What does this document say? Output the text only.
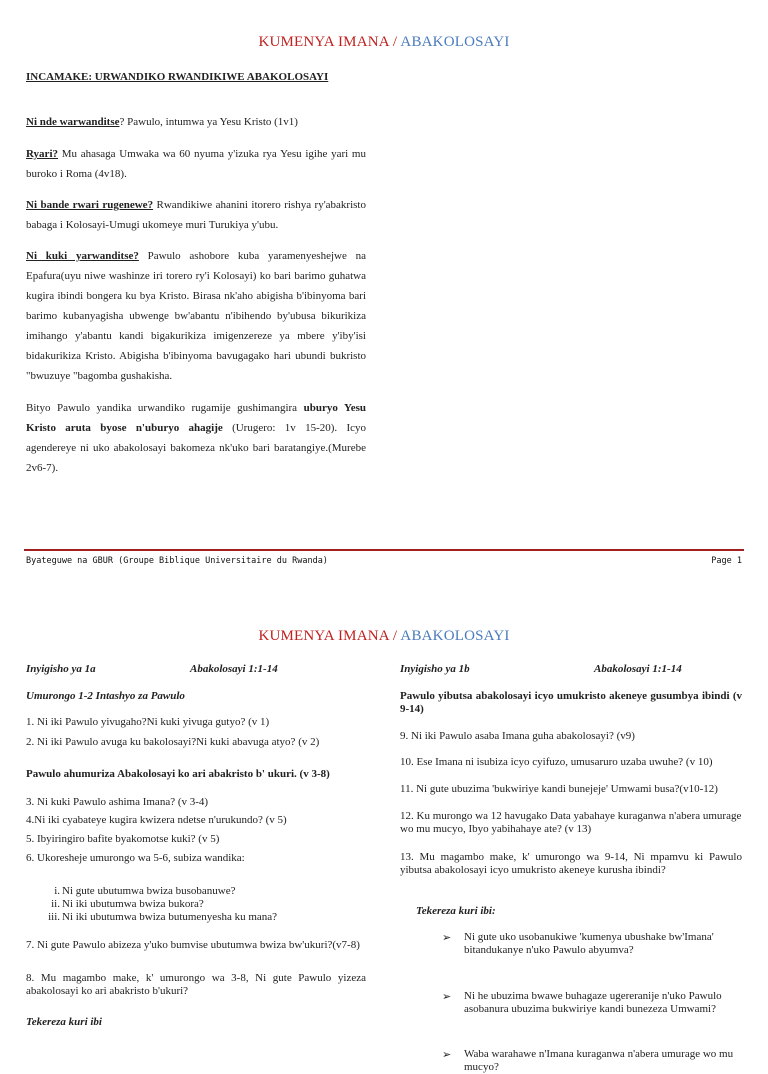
KUMENYA IMANA / ABAKOLOSAYI
INCAMAKE: URWANDIKO RWANDIKIWE ABAKOLOSAYI
Ni nde warwanditse? Pawulo, intumwa ya Yesu Kristo (1v1)
Ryari? Mu ahasaga Umwaka wa 60 nyuma y'izuka rya Yesu igihe yari mu buroko i Roma (4v18).
Ni bande rwari rugenewe? Rwandikiwe ahanini itorero rishya ry'abakristo babaga i Kolosayi-Umugi ukomeye muri Turukiya y'ubu.
Ni kuki yarwanditse? Pawulo ashobore kuba yaramenyeshejwe na Epafura(uyu niwe washinze iri torero ry'i Kolosayi) ko bari barimo guhatwa kugira ibindi bongera ku bya Kristo. Birasa nk'aho abigisha b'ibinyoma bari barimo kubanyagisha ubwenge bw'abantu n'ibihendo by'ubusa bikurikiza imihango y'abantu kandi bigakurikiza imigenzereze ya mbere y'iby'isi bidakurikiza Kristo. Abigisha b'ibinyoma bavugagako hari ubundi bukristo "bwuzuye "bagomba gushakisha.
Bityo Pawulo yandika urwandiko rugamije gushimangira uburyo Yesu Kristo aruta byose n'uburyo ahagije (Urugero: 1v 15-20). Icyo agendereye ni uko abakolosayi bakomeza nk'uko bari baratangiye.(Murebe 2v6-7).
Byateguwe na GBUR (Groupe Biblique Universitaire du Rwanda)	Page 1
KUMENYA IMANA / ABAKOLOSAYI
Inyigisho ya 1a	Abakolosayi 1:1-14
Umurongo 1-2 Intashyo za Pawulo
1. Ni iki Pawulo yivugaho?Ni kuki yivuga gutyo? (v 1)
2. Ni iki Pawulo avuga ku bakolosayi?Ni kuki abavuga atyo? (v 2)
Pawulo ahumuriza Abakolosayi ko ari abakristo b' ukuri. (v 3-8)
3. Ni kuki Pawulo ashima Imana? (v 3-4)
4.Ni iki cyabateye kugira kwizera ndetse n'urukundo? (v 5)
5. Ibyiringiro bafite byakomotse kuki? (v 5)
6. Ukoresheje umurongo wa 5-6, subiza wandika:
i. Ni gute ubutumwa bwiza busobanuwe?
ii. Ni iki ubutumwa bwiza bukora?
iii. Ni iki ubutumwa bwiza butumenyesha ku mana?
7. Ni gute Pawulo abizeza y'uko bumvise ubutumwa bwiza bw'ukuri?(v7-8)
8. Mu magambo make, k' umurongo wa 3-8, Ni gute Pawulo yizeza abakolosayi ko ari abakristo b'ukuri?
Tekereza kuri ibi
Inyigisho ya 1b	Abakolosayi 1:1-14
Pawulo yibutsa abakolosayi icyo umukristo akeneye gusumbya ibindi (v 9-14)
9. Ni iki Pawulo asaba Imana guha abakolosayi? (v9)
10. Ese Imana ni isubiza icyo cyifuzo, umusaruro uzaba uwuhe? (v 10)
11. Ni gute ubuzima 'bukwiriye kandi bunejeje' Umwami busa?(v10-12)
12. Ku murongo wa 12 havugako Data yabahaye kuraganwa n'abera umurage wo mu mucyo, Ibyo yabihahaye ate? (v 13)
13. Mu magambo make, k' umurongo wa 9-14, Ni mpamvu ki Pawulo yibutsa abakolosayi icyo umukristo akeneye kurusha ibindi?
Tekereza kuri ibi:
➢ Ni gute uko usobanukiwe 'kumenya ubushake bw'Imana' bitandukanye n'uko Pawulo abyumva?
➢ Ni he ubuzima bwawe buhagaze ugereranije n'uko Pawulo asobanura ubuzima bukwiriye kandi bunezeza Umwami?
➢ Waba warahawe n'Imana kuraganwa n'abera umurage wo mu mucyo?
